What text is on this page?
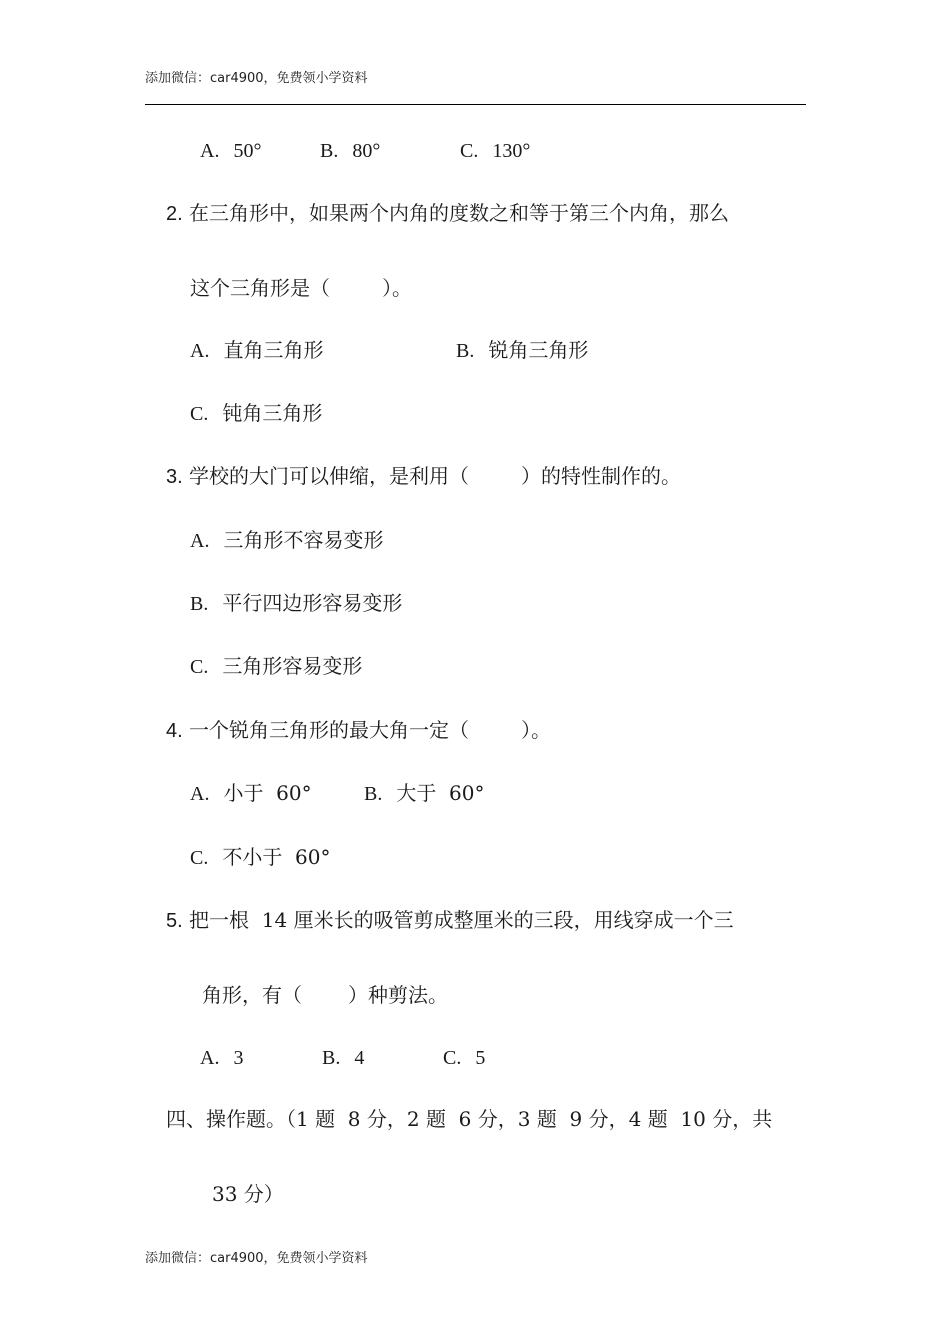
添加微信：car4900，免费领小学资料
A. 50°	B. 80°	C. 130°
2. 在三角形中，如果两个内角的度数之和等于第三个内角，那么
这个三角形是（	）。
A. 直角三角形	B. 锐角三角形
C. 钝角三角形
3. 学校的大门可以伸缩，是利用（	）的特性制作的。
A. 三角形不容易变形
B. 平行四边形容易变形
C. 三角形容易变形
4. 一个锐角三角形的最大角一定（	）。
A. 小于  60°	B. 大于  60°
C. 不小于  60°
5. 把一根  14 厘米长的吸管剪成整厘米的三段，用线穿成一个三
角形，有（ ）种剪法。
A. 3	B. 4	C. 5
四、操作题。（1 题  8 分，2 题  6 分，3 题  9 分，4 题  10 分，共
33 分）
添加微信：car4900，免费领小学资料
